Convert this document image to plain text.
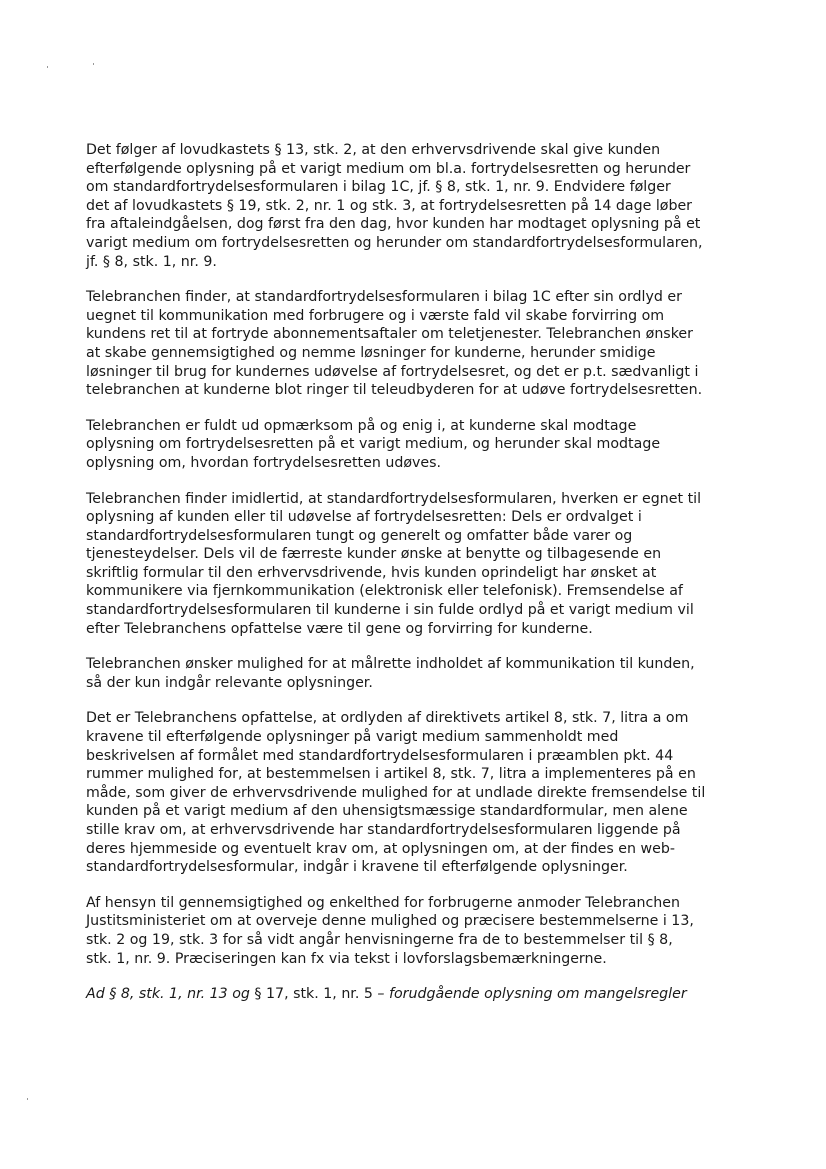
Det følger af lovudkastets § 13, stk. 2, at den erhvervsdrivende skal give kunden
efterfølgende oplysning på et varigt medium om bl.a. fortrydelsesretten og herunder
om standardfortrydelsesformularen i bilag 1C, jf. § 8, stk. 1, nr. 9. Endvidere følger
det af lovudkastets § 19, stk. 2, nr. 1 og stk. 3, at fortrydelsesretten på 14 dage løber
fra aftaleindgåelsen, dog først fra den dag, hvor kunden har modtaget oplysning på et
varigt medium om fortrydelsesretten og herunder om standardfortrydelsesformularen,
jf. § 8, stk. 1, nr. 9.
Telebranchen finder, at standardfortrydelsesformularen i bilag 1C efter sin ordlyd er
uegnet til kommunikation med forbrugere og i værste fald vil skabe forvirring om
kundens ret til at fortryde abonnementsaftaler om teletjenester. Telebranchen ønsker
at skabe gennemsigtighed og nemme løsninger for kunderne, herunder smidige
løsninger til brug for kundernes udøvelse af fortrydelsesret, og det er p.t. sædvanligt i
telebranchen at kunderne blot ringer til teleudbyderen for at udøve fortrydelsesretten.
Telebranchen er fuldt ud opmærksom på og enig i, at kunderne skal modtage
oplysning om fortrydelsesretten på et varigt medium, og herunder skal modtage
oplysning om, hvordan fortrydelsesretten udøves.
Telebranchen finder imidlertid, at standardfortrydelsesformularen, hverken er egnet til
oplysning af kunden eller til udøvelse af fortrydelsesretten: Dels er ordvalget i
standardfortrydelsesformularen tungt og generelt og omfatter både varer og
tjenesteydelser. Dels vil de færreste kunder ønske at benytte og tilbagesende en
skriftlig formular til den erhvervsdrivende, hvis kunden oprindeligt har ønsket at
kommunikere via fjernkommunikation (elektronisk eller telefonisk). Fremsendelse af
standardfortrydelsesformularen til kunderne i sin fulde ordlyd på et varigt medium vil
efter Telebranchens opfattelse være til gene og forvirring for kunderne.
Telebranchen ønsker mulighed for at målrette indholdet af kommunikation til kunden,
så der kun indgår relevante oplysninger.
Det er Telebranchens opfattelse, at ordlyden af direktivets artikel 8, stk. 7, litra a om
kravene til efterfølgende oplysninger på varigt medium sammenholdt med
beskrivelsen af formålet med standardfortrydelsesformularen i præamblen pkt. 44
rummer mulighed for, at bestemmelsen i artikel 8, stk. 7, litra a implementeres på en
måde, som giver de erhvervsdrivende mulighed for at undlade direkte fremsendelse til
kunden på et varigt medium af den uhensigtsmæssige standardformular, men alene
stille krav om, at erhvervsdrivende har standardfortrydelsesformularen liggende på
deres hjemmeside og eventuelt krav om, at oplysningen om, at der findes en web-
standardfortrydelsesformular, indgår i kravene til efterfølgende oplysninger.
Af hensyn til gennemsigtighed og enkelthed for forbrugerne anmoder Telebranchen
Justitsministeriet om at overveje denne mulighed og præcisere bestemmelserne i 13,
stk. 2 og 19, stk. 3 for så vidt angår henvisningerne fra de to bestemmelser til § 8,
stk. 1, nr. 9. Præciseringen kan fx via tekst i lovforslagsbemærkningerne.
Ad § 8, stk. 1, nr. 13 og § 17, stk. 1, nr. 5 – forudgående oplysning om mangelsregler
